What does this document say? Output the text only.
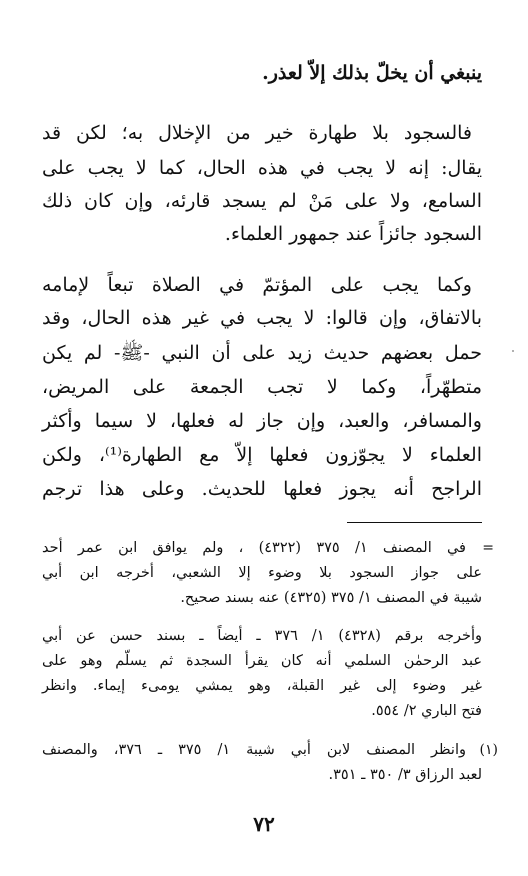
ينبغي أن يخلّ بذلك إلاّ لعذر.
فالسجود بلا طهارة خير من الإخلال به؛ لكن قد
يقال: إنه لا يجب في هذه الحال، كما لا يجب على
السامع، ولا على مَنْ لم يسجد قارئه، وإن كان ذلك
السجود جائزاً عند جمهور العلماء.
وكما يجب على المؤتمّ في الصلاة تبعاً لإمامه
بالاتفاق، وإن قالوا: لا يجب في غير هذه الحال، وقد
حمل بعضهم حديث زيد على أن النبي -ﷺ- لم يكن
متطهّراً، وكما لا تجب الجمعة على المريض،
والمسافر، والعبد، وإن جاز له فعلها، لا سيما وأكثر
العلماء لا يجوّزون فعلها إلاّ مع الطهارة⁽¹⁾، ولكن
الراجح أنه يجوز فعلها للحديث. وعلى هذا ترجم
=
في المصنف ١/ ٣٧٥ (٤٣٢٢) ، ولم يوافق ابن عمر أحد
على جواز السجود بلا وضوء إلا الشعبي، أخرجه ابن أبي
شيبة في المصنف ١/ ٣٧٥ (٤٣٢٥) عنه بسند صحيح.
وأخرجه برقم (٤٣٢٨) ١/ ٣٧٦ ـ أيضاً ـ بسند حسن عن أبي
عبد الرحمٰن السلمي أنه كان يقرأ السجدة ثم يسلّم وهو على
غير وضوء إلى غير القبلة، وهو يمشي يومىء إيماء. وانظر
فتح الباري ٢/ ٥٥٤.
(١)
وانظر المصنف لابن أبي شيبة ١/ ٣٧٥ ـ ٣٧٦، والمصنف
لعبد الرزاق ٣/ ٣٥٠ ـ ٣٥١.
٧٢
